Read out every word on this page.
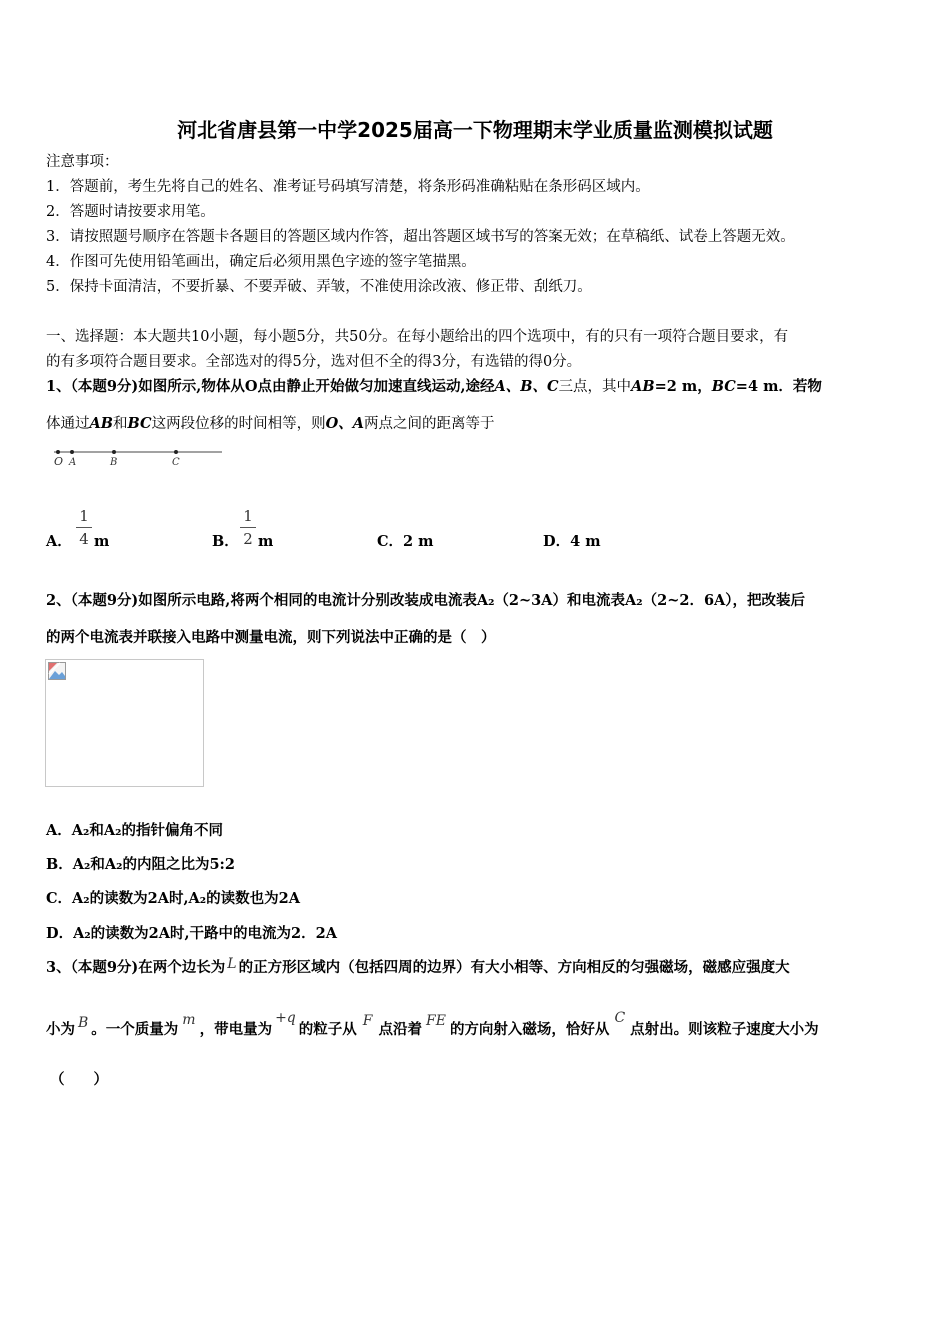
河北省唐县第一中学2025届高一下物理期末学业质量监测模拟试题
注意事项：
1．答题前，考生先将自己的姓名、准考证号码填写清楚，将条形码准确粘贴在条形码区域内。
2．答题时请按要求用笔。
3．请按照题号顺序在答题卡各题目的答题区域内作答，超出答题区域书写的答案无效；在草稿纸、试卷上答题无效。
4．作图可先使用铅笔画出，确定后必须用黑色字迹的签字笔描黑。
5．保持卡面清洁，不要折暴、不要弄破、弄皱，不准使用涂改液、修正带、刮纸刀。
一、选择题：本大题共10小题，每小题5分，共50分。在每小题给出的四个选项中，有的只有一项符合题目要求，有
的有多项符合题目要求。全部选对的得5分，选对但不全的得3分，有选错的得0分。
1、（本题9分)如图所示,物体从O点由静止开始做匀加速直线运动,途经A、B、C三点，其中AB=2 m，BC=4 m．若物
体通过AB和BC这两段位移的时间相等，则O、A两点之间的距离等于
O A	B	C
A．
1
4 m	B．
1
2 m	C．2 m	D．4 m
2、（本题9分)如图所示电路,将两个相同的电流计分别改装成电流表A₂（2~3A）和电流表A₂（2~2．6A），把改装后
的两个电流表并联接入电路中测量电流，则下列说法中正确的是（　）
A．A₂和A₂的指针偏角不同
B．A₂和A₂的内阻之比为5:2
C．A₂的读数为2A时,A₂的读数也为2A
D．A₂的读数为2A时,干路中的电流为2．2A
3、（本题9分)在两个边长为 L 的正方形区域内（包括四周的边界）有大小相等、方向相反的匀强磁场，磁感应强度大
小为 B 。一个质量为m，带电量为+q的粒子从 F 点沿着 FE 的方向射入磁场，恰好从C点射出。则该粒子速度大小为
（　　）
